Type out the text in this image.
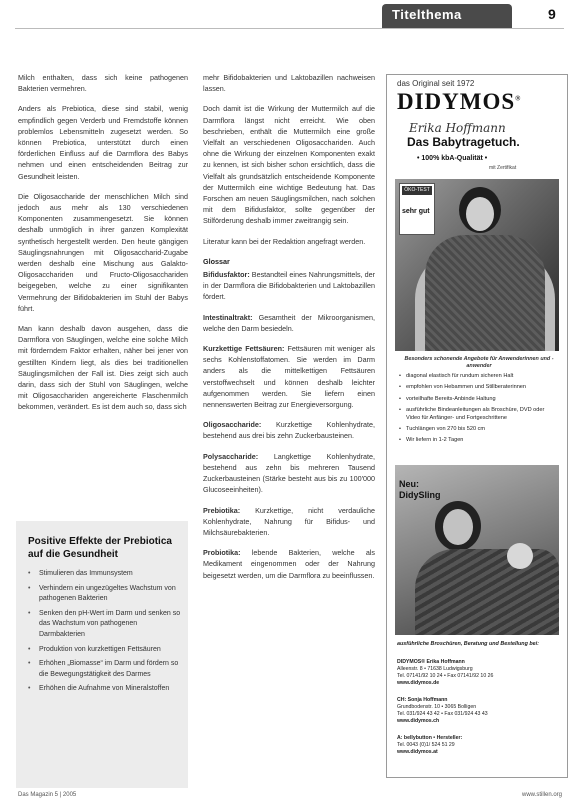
Titelthema	9

Milch enthalten, dass sich keine pathogenen Bakterien vermehren.

Anders als Prebiotica, diese sind stabil, wenig empfindlich gegen Verderb und Fremdstoffe können problemlos Lebensmitteln zugesetzt werden. So können Prebiotica, unterstützt durch einen förderlichen Einfluss auf die Darmflora des Babys nehmen und einen entscheidenden Beitrag zur Gesundheit leisten.

Die Oligosaccharide der menschlichen Milch sind jedoch aus mehr als 130 verschiedenen Komponenten zusammengesetzt. Sie können deshalb unmöglich in ihrer ganzen Komplexität synthetisch hergestellt werden. Den heute gängigen Säuglingsnahrungen mit Oligosaccharid-Zugabe werden deshalb eine Mischung aus Galakto-Oligosacchariden und Fructo-Oligosacchariden beigegeben, welche zu einer signifikanten Vermehrung der Bifidobakterien im Stuhl der Babys führt.

Man kann deshalb davon ausgehen, dass die Darmflora von Säuglingen, welche eine solche Milch mit förderndem Faktor erhalten, näher bei jener von gestillten Kindern liegt, als dies bei traditionellen Säuglingsmilchen der Fall ist. Dies zeigt sich auch darin, dass sich der Stuhl von Säuglingen, welche mit Oligosacchariden angereicherte Flaschenmilch bekommen, verändert. Es ist dem auch so, dass sich

Positive Effekte der Prebiotica auf die Gesundheit
• Stimulieren das Immunsystem
• Verhindern ein ungezügeltes Wachstum von pathogenen Bakterien
• Senken den pH-Wert im Darm und senken so das Wachstum von pathogenen Darmbakterien
• Produktion von kurzkettigen Fettsäuren
• Erhöhen „Biomasse“ im Darm und fördern so die Bewegungstätigkeit des Darmes
• Erhöhen die Aufnahme von Mineralstoffen

mehr Bifidobakterien und Laktobazillen nachweisen lassen.

Doch damit ist die Wirkung der Muttermilch auf die Darmflora längst nicht erreicht. Wie oben beschrieben, enthält die Muttermilch eine große Vielfalt an verschiedenen Oligosacchariden. Auch ohne die Wirkung der einzelnen Komponenten exakt zu kennen, ist sich bisher schon ersichtlich, dass die Vielfalt als grundsätzlich entscheidende Komponente der Muttermilch eine wichtige Bedeutung hat. Das Forschen am neuen Säuglingsmilchen, nach solchen mit dem Bifidusfaktor, sollte gegenüber der Stilförderung deshalb immer zweitrangig sein.

Literatur kann bei der Redaktion angefragt werden.

Glossar

Bifidusfaktor: Bestandteil eines Nahrungsmittels, der in der Darmflora die Bifidobakterien und Laktobazillen fördert.

Intestinaltrakt: Gesamtheit der Mikroorganismen, welche den Darm besiedeln.

Kurzkettige Fettsäuren: Fettsäuren mit weniger als sechs Kohlenstoffatomen. Sie werden im Darm anders als die mittelkettigen Fettsäuren verstoffwechselt und können deshalb leichter aufgenommen werden. Sie liefern einen nennenswerten Beitrag zur Energieversorgung.

Oligosaccharide: Kurzkettige Kohlenhydrate, bestehend aus drei bis zehn Zuckerbausteinen.

Polysaccharide: Langkettige Kohlenhydrate, bestehend aus zehn bis mehreren Tausend Zuckerbausteinen (Stärke besteht aus bis zu 100'000 Glucoseeinheiten).

Prebiotika: Kurzkettige, nicht verdauliche Kohlenhydrate, Nahrung für Bifidus- und Milchsäurebakterien.

Probiotika: lebende Bakterien, welche als Medikament eingenommen oder der Nahrung beigesetzt werden, um die Darmflora zu beeinflussen.

das Original seit 1972
DIDYMOS®
Erika Hoffmann
Das Babytragetuch.
• 100% kbA-Qualität •
mit Zertifikat
ÖKO-TEST
sehr gut
Besonders schonende Angebote für Anwenderinnen und -anwender
• diagonal elastisch für rundum sicheren Halt
• empfohlen von Hebammen und Stillberaterinnen
• vorteilhafte Bereits-Anbinde Haltung
• ausführliche Bindeanleitungen als Broschüre, DVD oder Video für Anfänger- und Fortgeschrittene
• Tuchlängen von 270 bis 520 cm
• Wir liefern in 1-2 Tagen
Neu:
DidySling
ausführliche Broschüren, Beratung und Bestellung bei:
DIDYMOS® Erika Hoffmann
Alleenstr. 8 • 71638 Ludwigsburg
Tel. 07141/92 10 24 • Fax 07141/92 10 26
www.didymos.de
CH: Sonja Hoffmann
Grundbodenstr. 10 • 3065 Bolligen
Tel. 031/924 43 42 • Fax 031/924 43 43
www.didymos.ch
A: bellybutton • Hersteller:
Tel. 0043 (0)1/ 524 51 29
www.didymos.at
Das Magazin 5 | 2005	www.stillen.org
